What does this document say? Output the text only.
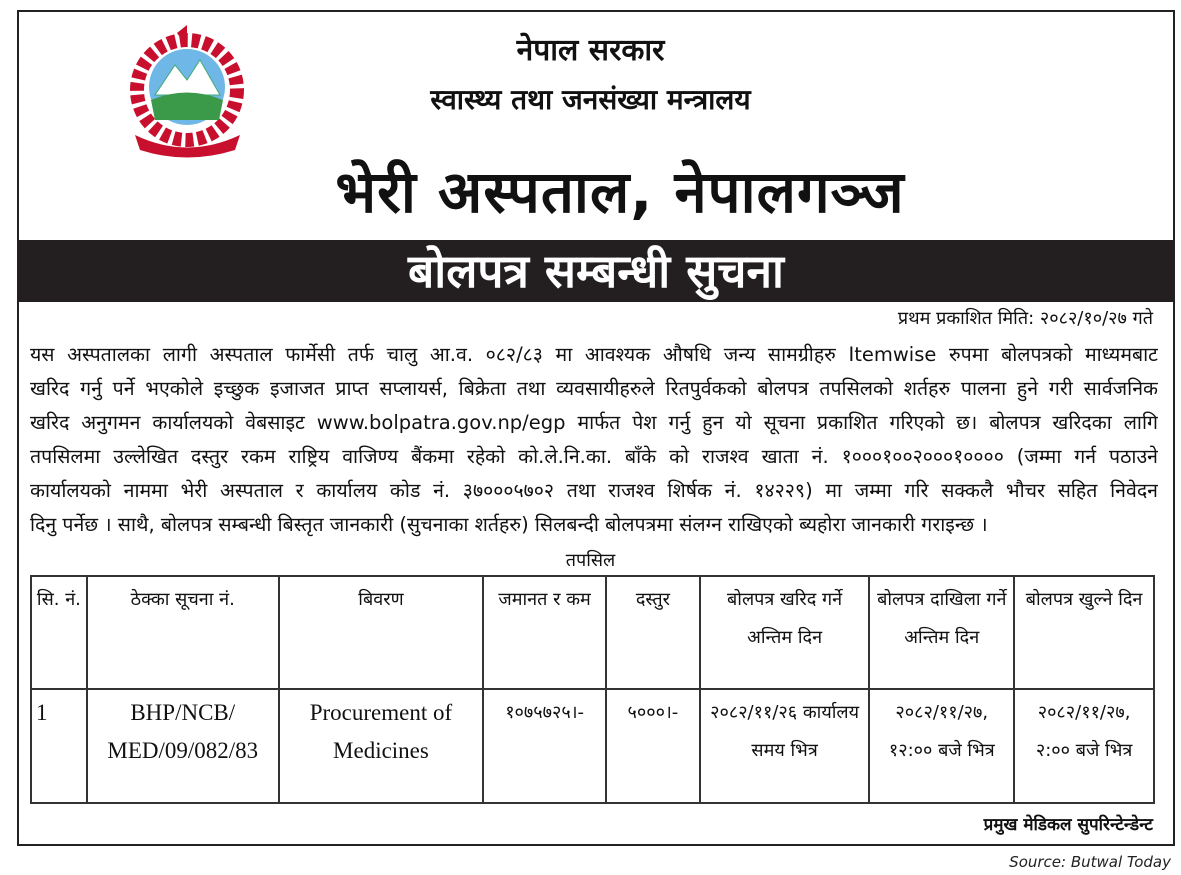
नेपाल सरकार
स्वास्थ्य तथा जनसंख्या मन्त्रालय
भेरी अस्पताल, नेपालगञ्ज
बोलपत्र सम्बन्धी सुचना
प्रथम प्रकाशित मिति: २०८२/१०/२७ गते
यस अस्पतालका लागी अस्पताल फार्मेसी तर्फ चालु आ.व. ०८२/८३ मा आवश्यक औषधि जन्य सामग्रीहरु Itemwise रुपमा बोलपत्रको माध्यमबाट
खरिद गर्नु पर्ने भएकोले इच्छुक इजाजत प्राप्त सप्लायर्स, बिक्रेता तथा व्यवसायीहरुले रितपुर्वकको बोलपत्र तपसिलको शर्तहरु पालना हुने गरी सार्वजनिक
खरिद अनुगमन कार्यालयको वेबसाइट www.bolpatra.gov.np/egp मार्फत पेश गर्नु हुन यो सूचना प्रकाशित गरिएको छ। बोलपत्र खरिदका लागि
तपसिलमा उल्लेखित दस्तुर रकम राष्ट्रिय वाजिण्य बैंकमा रहेको को.ले.नि.का. बाँके को राजश्व खाता नं. १०००१००२०००१०००० (जम्मा गर्न पठाउने
कार्यालयको नाममा भेरी अस्पताल र कार्यालय कोड नं. ३७०००५७०२ तथा राजश्व शिर्षक नं. १४२२९) मा जम्मा गरि सक्कलै भौचर सहित निवेदन
दिनु पर्नेछ । साथै, बोलपत्र सम्बन्धी बिस्तृत जानकारी (सुचनाका शर्तहरु) सिलबन्दी बोलपत्रमा संलग्न राखिएको ब्यहोरा जानकारी गराइन्छ ।
तपसिल
सि. नं.	ठेक्का सूचना नं.	बिवरण	जमानत र कम	दस्तुर	बोलपत्र खरिद गर्ने अन्तिम दिन	बोलपत्र दाखिला गर्ने अन्तिम दिन	बोलपत्र खुल्ने दिन
1	BHP/NCB/ MED/09/082/83	Procurement of Medicines	१०७५७२५।-	५०००।-	२०८२/११/२६ कार्यालय समय भित्र	२०८२/११/२७, १२:०० बजे भित्र	२०८२/११/२७, २:०० बजे भित्र
प्रमुख मेडिकल सुपरिन्टेन्डेन्ट
Source: Butwal Today
